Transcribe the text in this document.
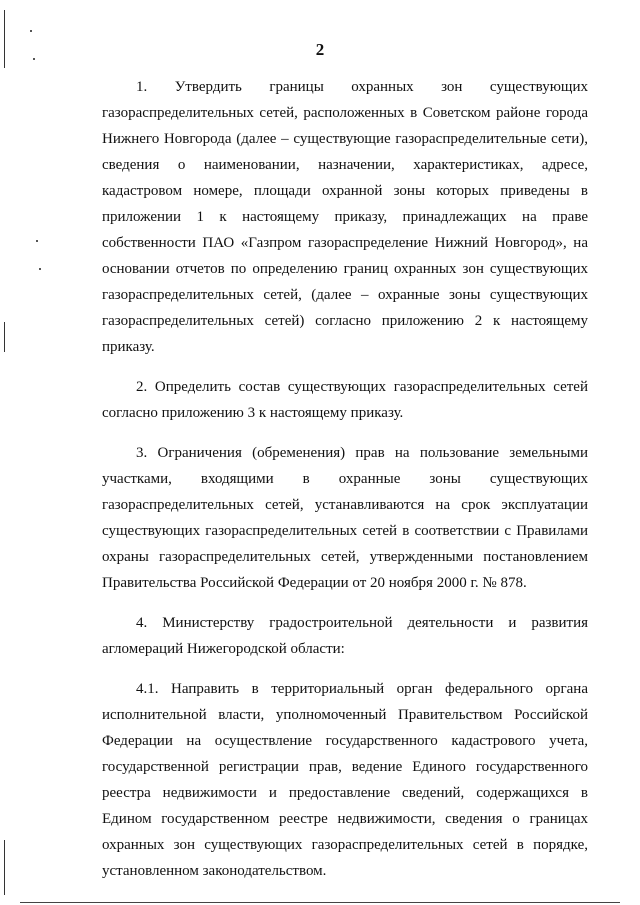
2

1. Утвердить границы охранных зон существующих газораспределительных сетей, расположенных в Советском районе города Нижнего Новгорода (далее – существующие газораспределительные сети), сведения о наименовании, назначении, характеристиках, адресе, кадастровом номере, площади охранной зоны которых приведены в приложении 1 к настоящему приказу, принадлежащих на праве собственности ПАО «Газпром газораспределение Нижний Новгород», на основании отчетов по определению границ охранных зон существующих газораспределительных сетей, (далее – охранные зоны существующих газораспределительных сетей) согласно приложению 2 к настоящему приказу.

2. Определить состав существующих газораспределительных сетей согласно приложению 3 к настоящему приказу.

3. Ограничения (обременения) прав на пользование земельными участками, входящими в охранные зоны существующих газораспределительных сетей, устанавливаются на срок эксплуатации существующих газораспределительных сетей в соответствии с Правилами охраны газораспределительных сетей, утвержденными постановлением Правительства Российской Федерации от 20 ноября 2000 г. № 878.

4. Министерству градостроительной деятельности и развития агломераций Нижегородской области:

4.1. Направить в территориальный орган федерального органа исполнительной власти, уполномоченный Правительством Российской Федерации на осуществление государственного кадастрового учета, государственной регистрации прав, ведение Единого государственного реестра недвижимости и предоставление сведений, содержащихся в Едином государственном реестре недвижимости, сведения о границах охранных зон существующих газораспределительных сетей в порядке, установленном законодательством.
